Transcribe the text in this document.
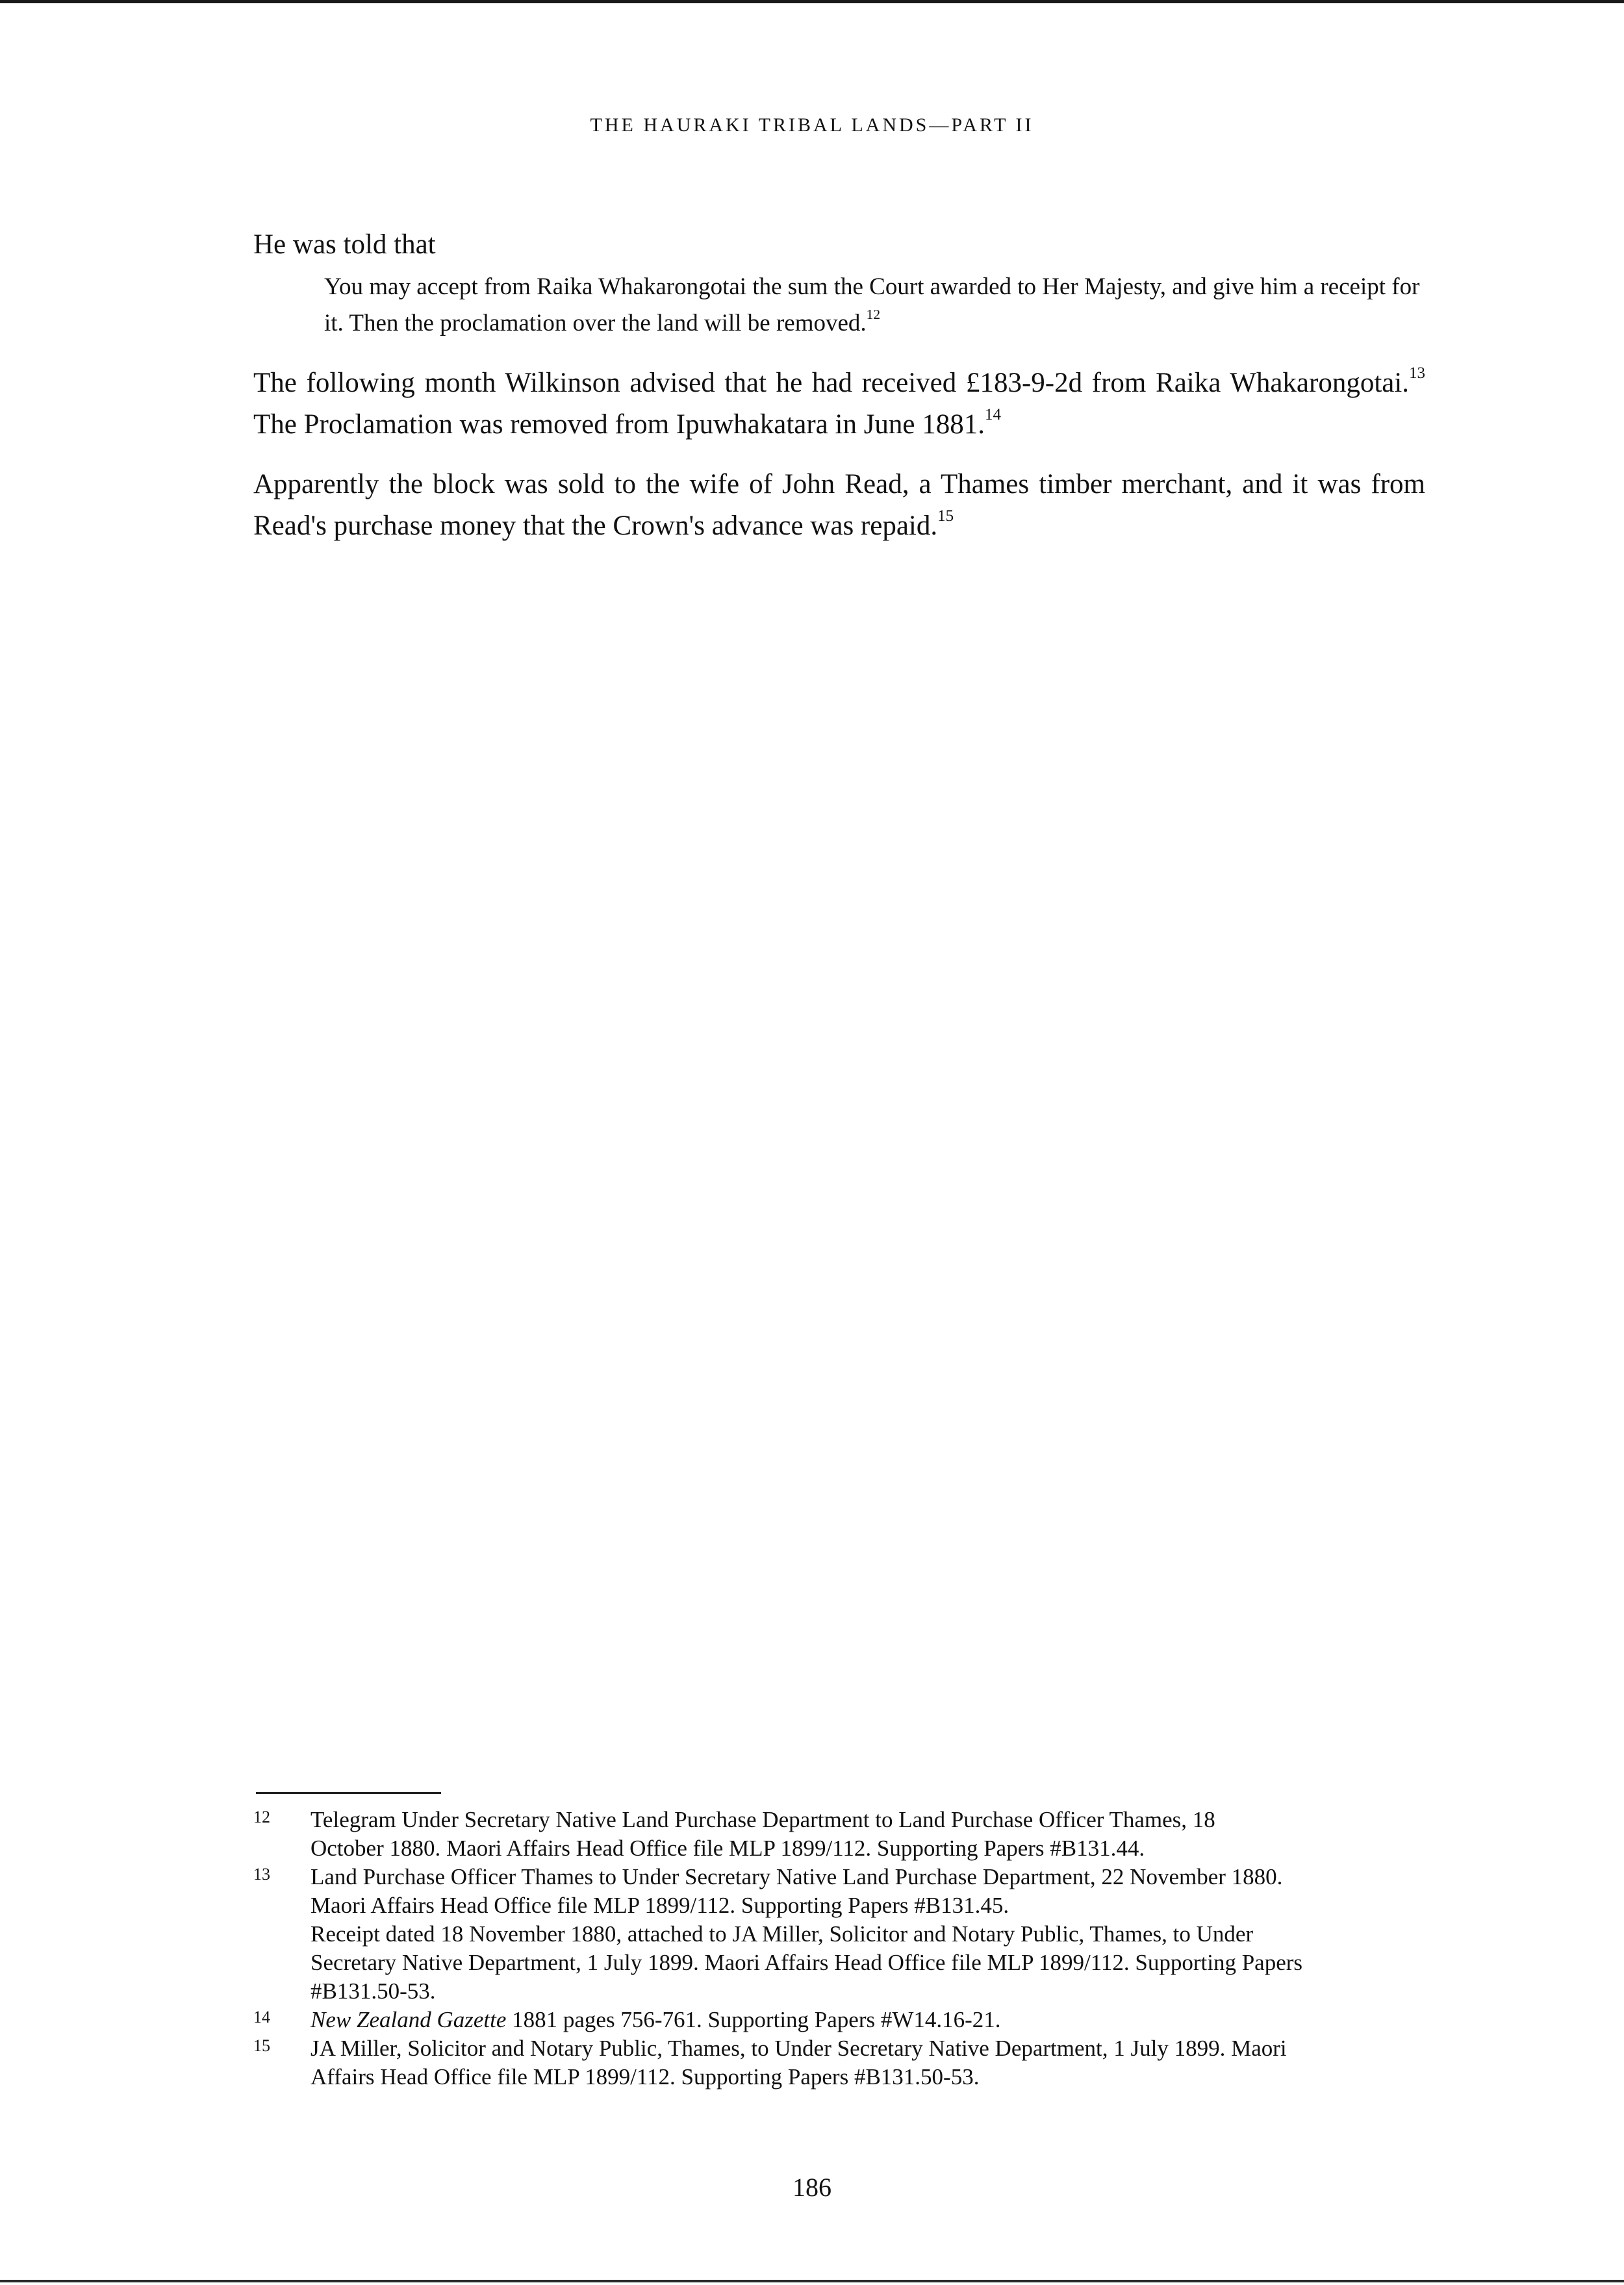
THE HAURAKI TRIBAL LANDS—PART II

He was told that

You may accept from Raika Whakarongotai the sum the Court awarded to Her Majesty, and give him a receipt for it. Then the proclamation over the land will be removed.$^{12}$

The following month Wilkinson advised that he had received £183-9-2d from Raika Whakarongotai.$^{13}$ The Proclamation was removed from Ipuwhakatara in June 1881.14

Apparently the block was sold to the wife of John Read, a Thames timber merchant, and it was from Read's purchase money that the Crown's advance was repaid.$^{15}$

12 Telegram Under Secretary Native Land Purchase Department to Land Purchase Officer Thames, 18
October 1880. Maori Affairs Head Office file MLP 1899/112. Supporting Papers #B131.44.
13 Land Purchase Officer Thames to Under Secretary Native Land Purchase Department, 22 November 1880.
Maori Affairs Head Office file MLP 1899/112. Supporting Papers #B131.45.
Receipt dated 18 November 1880, attached to JA Miller, Solicitor and Notary Public, Thames, to Under
Secretary Native Department, 1 July 1899. Maori Affairs Head Office file MLP 1899/112. Supporting Papers
#B131.50-53.
14 New Zealand Gazette 1881 pages 756-761. Supporting Papers #W14.16-21.
15 JA Miller, Solicitor and Notary Public, Thames, to Under Secretary Native Department, 1 July 1899. Maori
Affairs Head Office file MLP 1899/112. Supporting Papers #B131.50-53.
186
